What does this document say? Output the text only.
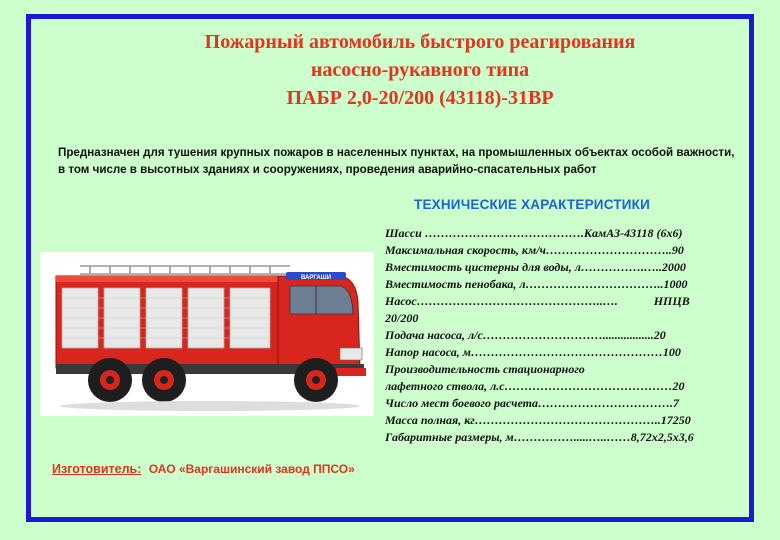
Пожарный автомобиль быстрого реагирования
насосно-рукавного типа
ПАБР 2,0-20/200 (43118)-31ВР
Предназначен для тушения крупных пожаров в населенных пунктах, на промышленных объектах особой важности, в том числе в высотных зданиях и сооружениях, проведения аварийно-спасательных работ
ТЕХНИЧЕСКИЕ ХАРАКТЕРИСТИКИ
Шасси ………………………………….КамАЗ-43118 (6х6)
Максимальная скорость, км/ч…………………………..90
Вместимость цистерны для воды, л…………….…..2000
Вместимость пенобака, л……………………………..1000
Насос………………………………………..….            НПЦВ
20/200
Подача насоса, л/с………………………….................20
Напор насоса, м…………………………………………100
Производительность стационарного
лафетного ствола, л.с……………………………………20
Число мест боевого расчета…………………………….7
Масса полная, кг………………………………………..17250
Габаритные размеры, м…………….....…..……8,72х2,5х3,6
Изготовитель: ОАО «Варгашинский завод ППСО»
ВАРГАШИ
